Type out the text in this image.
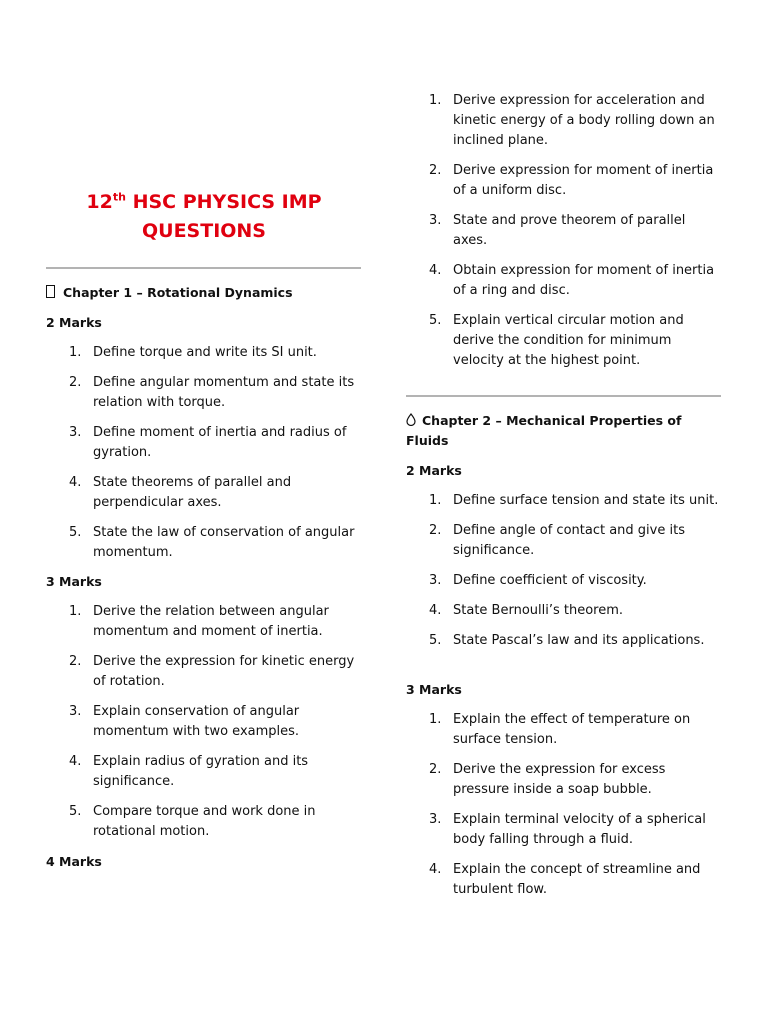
12th HSC PHYSICS IMP QUESTIONS
Chapter 1 – Rotational Dynamics
2 Marks
1. Define torque and write its SI unit.
2. Define angular momentum and state its relation with torque.
3. Define moment of inertia and radius of gyration.
4. State theorems of parallel and perpendicular axes.
5. State the law of conservation of angular momentum.
3 Marks
1. Derive the relation between angular momentum and moment of inertia.
2. Derive the expression for kinetic energy of rotation.
3. Explain conservation of angular momentum with two examples.
4. Explain radius of gyration and its significance.
5. Compare torque and work done in rotational motion.
4 Marks
1. Derive expression for acceleration and kinetic energy of a body rolling down an inclined plane.
2. Derive expression for moment of inertia of a uniform disc.
3. State and prove theorem of parallel axes.
4. Obtain expression for moment of inertia of a ring and disc.
5. Explain vertical circular motion and derive the condition for minimum velocity at the highest point.
Chapter 2 – Mechanical Properties of Fluids
2 Marks
1. Define surface tension and state its unit.
2. Define angle of contact and give its significance.
3. Define coefficient of viscosity.
4. State Bernoulli’s theorem.
5. State Pascal’s law and its applications.
3 Marks
1. Explain the effect of temperature on surface tension.
2. Derive the expression for excess pressure inside a soap bubble.
3. Explain terminal velocity of a spherical body falling through a fluid.
4. Explain the concept of streamline and turbulent flow.
